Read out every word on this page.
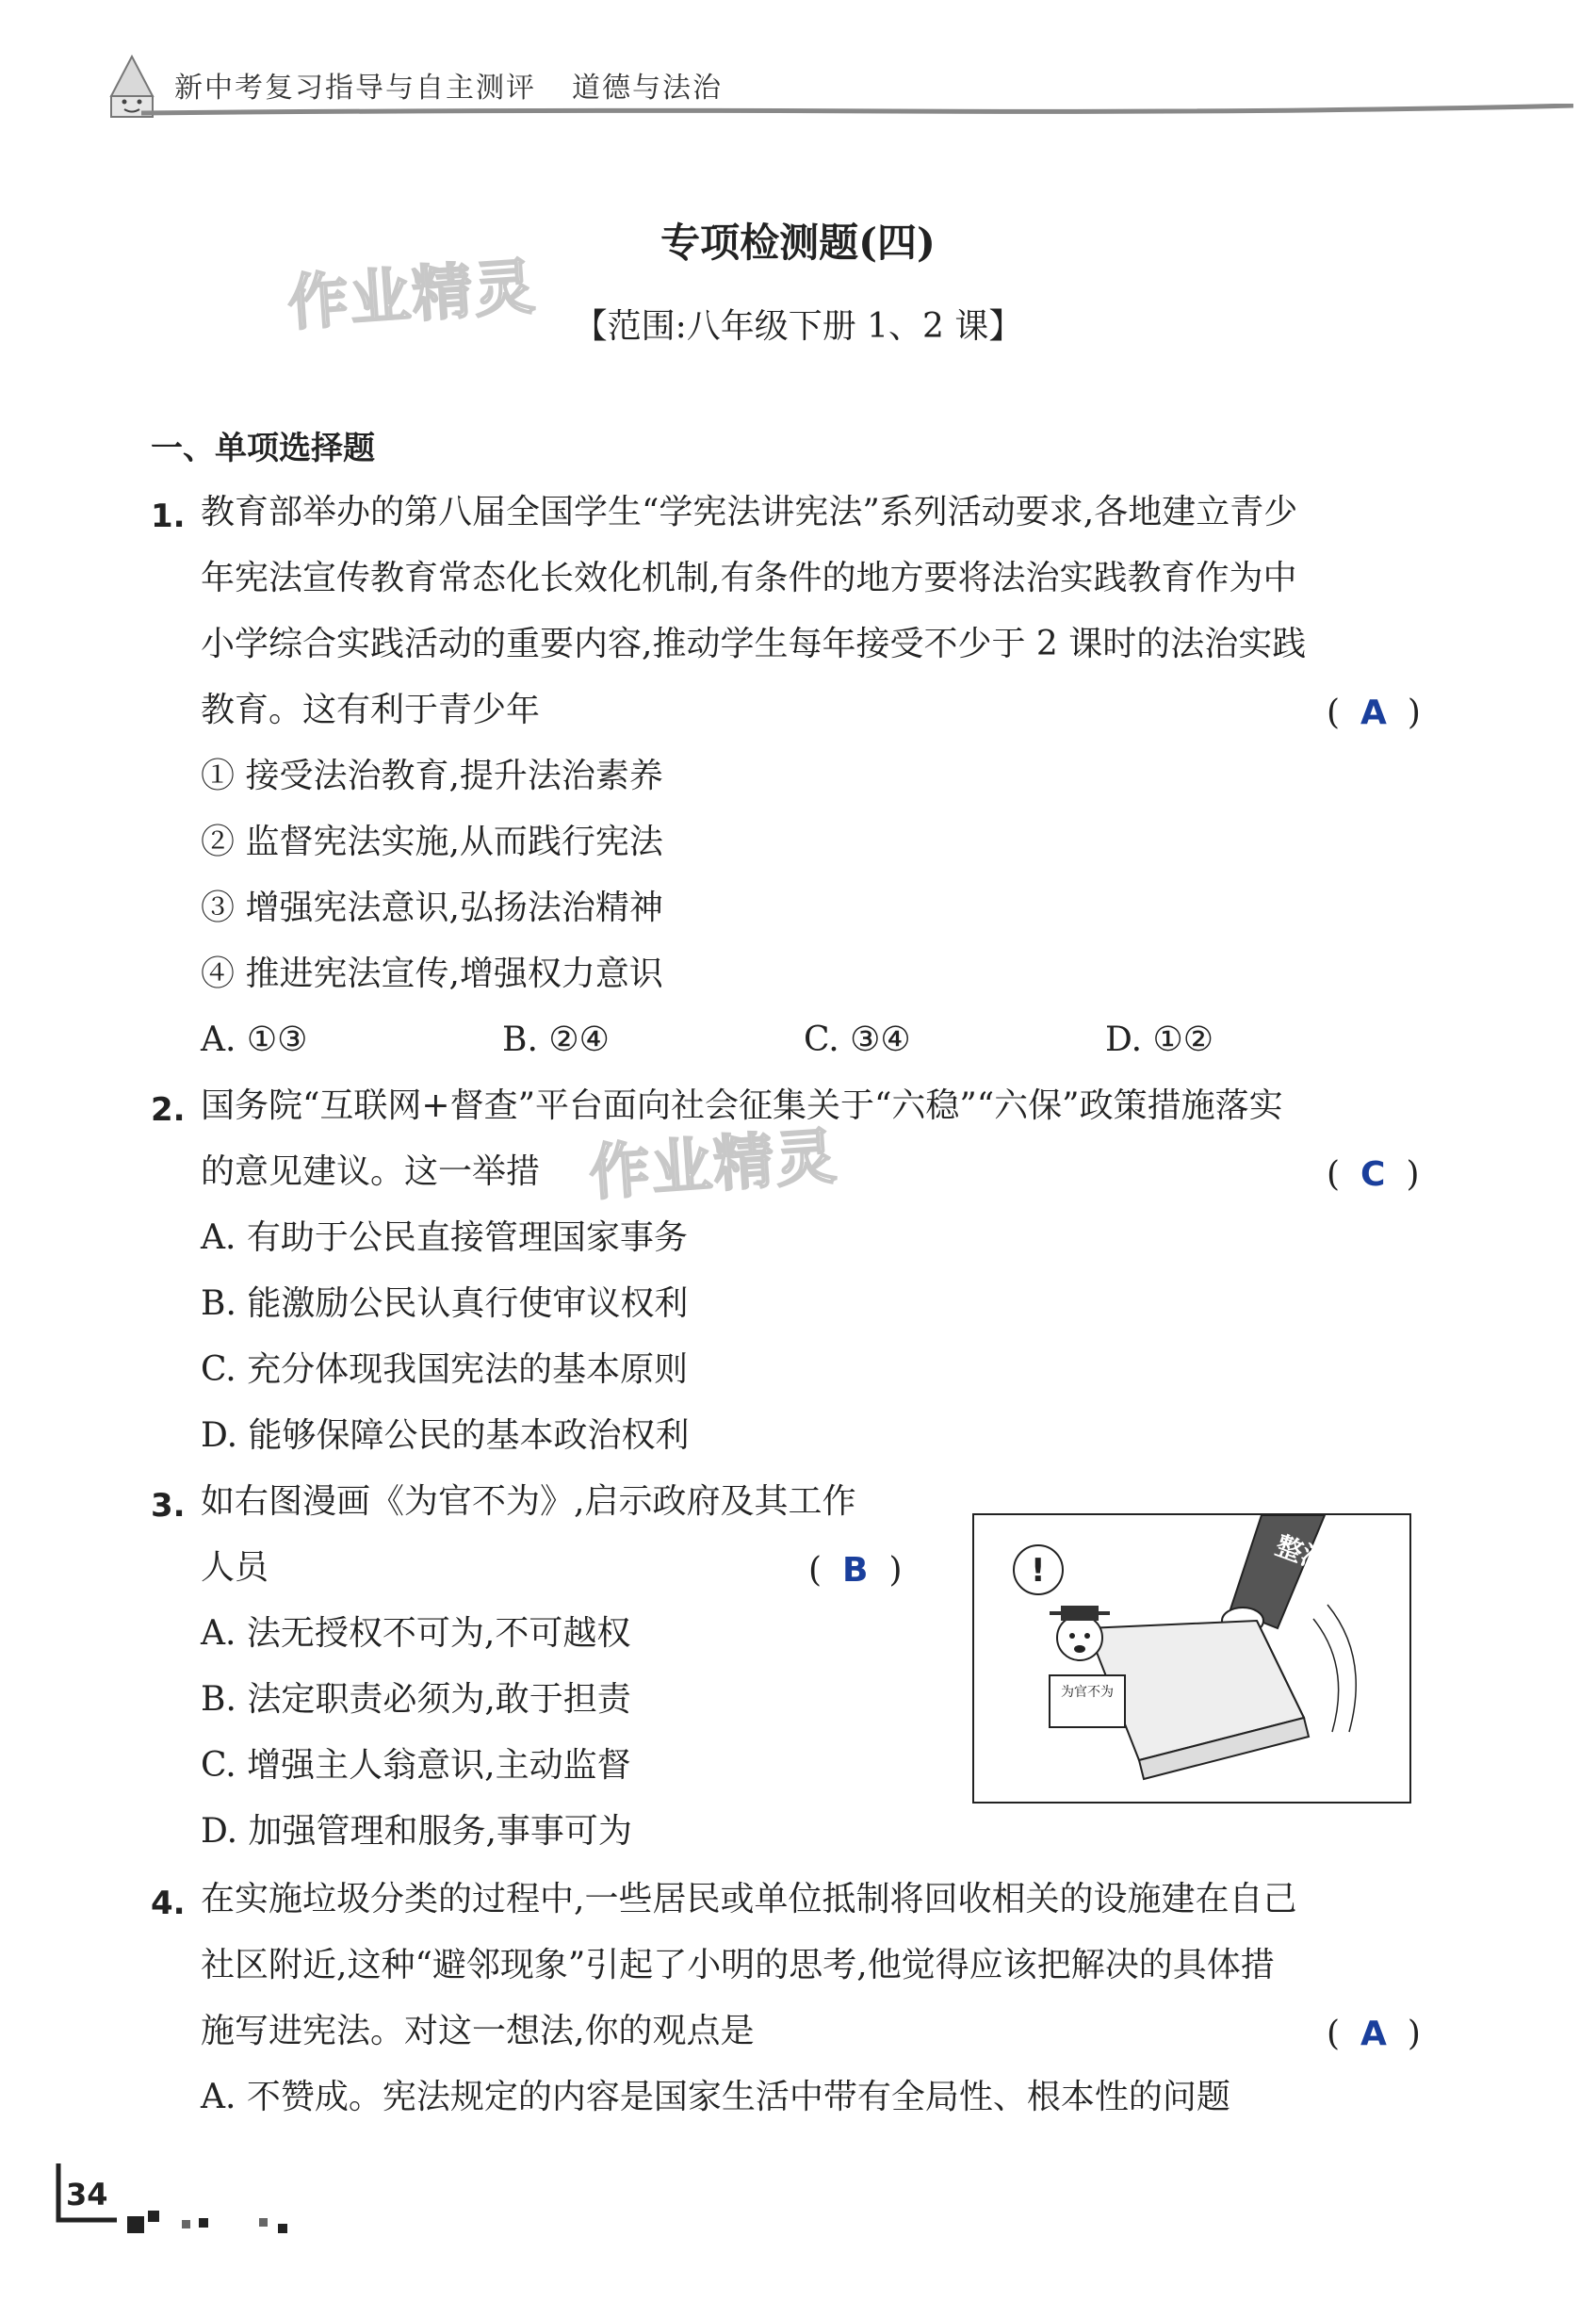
新中考复习指导与自主测评 道德与法治
专项检测题(四)
【范围:八年级下册 1、2 课】
作业精灵
作业精灵
一、单项选择题
1. 教育部举办的第八届全国学生“学宪法讲宪法”系列活动要求,各地建立青少
年宪法宣传教育常态化长效化机制,有条件的地方要将法治实践教育作为中
小学综合实践活动的重要内容,推动学生每年接受不少于 2 课时的法治实践
教育。这有利于青少年	( A )
① 接受法治教育,提升法治素养
② 监督宪法实施,从而践行宪法
③ 增强宪法意识,弘扬法治精神
④ 推进宪法宣传,增强权力意识
A. ①③	B. ②④	C. ③④	D. ①②
2. 国务院“互联网+督查”平台面向社会征集关于“六稳”“六保”政策措施落实
的意见建议。这一举措	( C )
A. 有助于公民直接管理国家事务
B. 能激励公民认真行使审议权利
C. 充分体现我国宪法的基本原则
D. 能够保障公民的基本政治权利
3. 如右图漫画《为官不为》,启示政府及其工作
人员	( B )
A. 法无授权不可为,不可越权
B. 法定职责必须为,敢于担责
C. 增强主人翁意识,主动监督
D. 加强管理和服务,事事可为
整治
为官不为
!
4. 在实施垃圾分类的过程中,一些居民或单位抵制将回收相关的设施建在自己
社区附近,这种“避邻现象”引起了小明的思考,他觉得应该把解决的具体措
施写进宪法。对这一想法,你的观点是	( A )
A. 不赞成。宪法规定的内容是国家生活中带有全局性、根本性的问题
34
